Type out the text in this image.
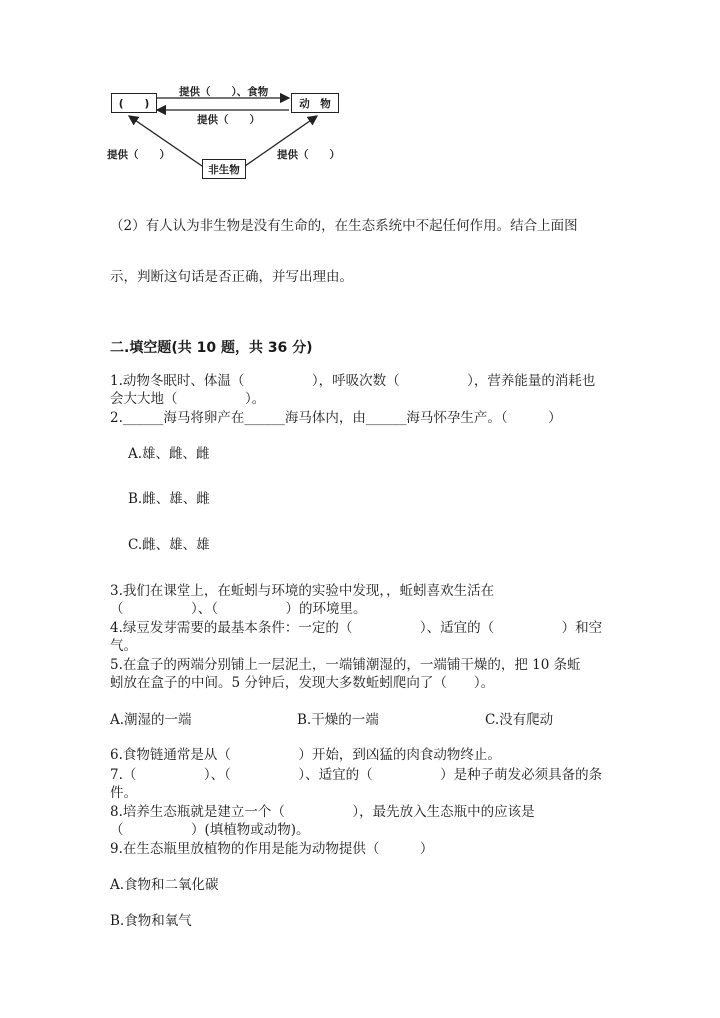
(　　)	动　物
非生物
提供（　　）、食物
提供（　　）
提供（　　）	提供（　　）
（2）有人认为非生物是没有生命的，在生态系统中不起任何作用。结合上面图
示，判断这句话是否正确，并写出理由。
二.填空题(共 10 题，共 36 分)
1.动物冬眠时、体温（　　　　　），呼吸次数（　　　　　），营养能量的消耗也
会大大地（　　　　　）。
2.______海马将卵产在______海马体内，由______海马怀孕生产。（　　　）
A.雄、雌、雌
B.雌、雄、雌
C.雌、雄、雄
3.我们在课堂上，在蚯蚓与环境的实验中发现，，蚯蚓喜欢生活在
（　　　　　）、（　　　　　）的环境里。
4.绿豆发芽需要的最基本条件：一定的（　　　　　）、适宜的（　　　　　）和空
气。
5.在盒子的两端分别铺上一层泥土，一端铺潮湿的，一端铺干燥的，把 10 条蚯
蚓放在盒子的中间。5 分钟后，发现大多数蚯蚓爬向了（　　）。
A.潮湿的一端	B.干燥的一端	C.没有爬动
6.食物链通常是从（　　　　　）开始，到凶猛的肉食动物终止。
7.（　　　　　）、（　　　　　）、适宜的（　　　　　）是种子萌发必须具备的条
件。
8.培养生态瓶就是建立一个（　　　　　），最先放入生态瓶中的应该是
（　　　　　）(填植物或动物)。
9.在生态瓶里放植物的作用是能为动物提供（　　　）
A.食物和二氧化碳
B.食物和氧气
